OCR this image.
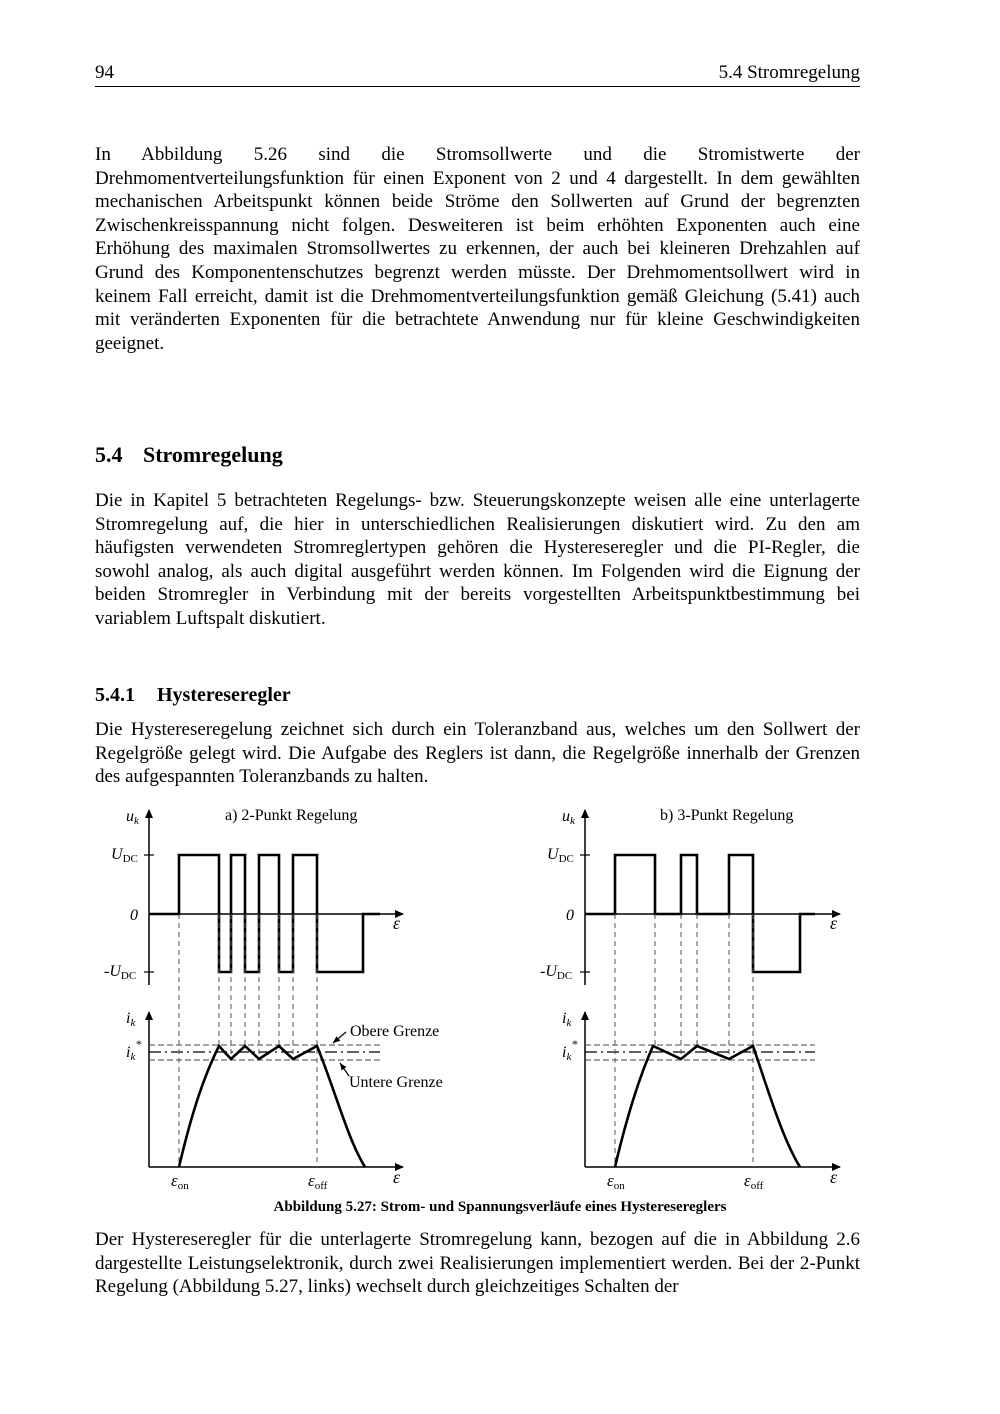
94	5.4 Stromregelung
In Abbildung 5.26 sind die Stromsollwerte und die Stromistwerte der Drehmomentverteilungsfunktion für einen Exponent von 2 und 4 dargestellt. In dem gewählten mechanischen Arbeitspunkt können beide Ströme den Sollwerten auf Grund der begrenzten Zwischenkreisspannung nicht folgen. Desweiteren ist beim erhöhten Exponenten auch eine Erhöhung des maximalen Stromsollwertes zu erkennen, der auch bei kleineren Drehzahlen auf Grund des Komponentenschutzes begrenzt werden müsste. Der Drehmomentsollwert wird in keinem Fall erreicht, damit ist die Drehmomentverteilungsfunktion gemäß Gleichung (5.41) auch mit veränderten Exponenten für die betrachtete Anwendung nur für kleine Geschwindigkeiten geeignet.
5.4 Stromregelung
Die in Kapitel 5 betrachteten Regelungs- bzw. Steuerungskonzepte weisen alle eine unterlagerte Stromregelung auf, die hier in unterschiedlichen Realisierungen diskutiert wird. Zu den am häufigsten verwendeten Stromreglertypen gehören die Hystereseregler und die PI-Regler, die sowohl analog, als auch digital ausgeführt werden können. Im Folgenden wird die Eignung der beiden Stromregler in Verbindung mit der bereits vorgestellten Arbeitspunktbestimmung bei variablem Luftspalt diskutiert.
5.4.1 Hystereseregler
Die Hystereseregelung zeichnet sich durch ein Toleranzband aus, welches um den Sollwert der Regelgröße gelegt wird. Die Aufgabe des Reglers ist dann, die Regelgröße innerhalb der Grenzen des aufgespannten Toleranzbands zu halten.
a) 2-Punkt Regelung
uk
UDC
0
-UDC
ε
ik
ik*
Obere Grenze
Untere Grenze
εon	εoff	ε
b) 3-Punkt Regelung
uk
UDC
0
-UDC
ε
ik
ik*
εon	εoff	ε
Abbildung 5.27: Strom- und Spannungsverläufe eines Hysteresereglers
Der Hystereseregler für die unterlagerte Stromregelung kann, bezogen auf die in Abbildung 2.6 dargestellte Leistungselektronik, durch zwei Realisierungen implementiert werden. Bei der 2-Punkt Regelung (Abbildung 5.27, links) wechselt durch gleichzeitiges Schalten der
